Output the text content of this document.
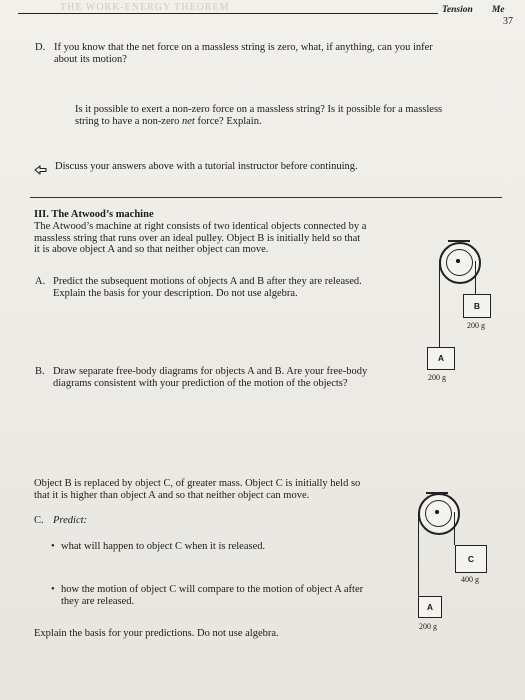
THE WORK-ENERGY THEOREM	Tension Me
37
D. If you know that the net force on a massless string is zero, what, if anything, can you infer
about its motion?
Is it possible to exert a non-zero force on a massless string? Is it possible for a massless
string to have a non-zero net force? Explain.
Discuss your answers above with a tutorial instructor before continuing.
III. The Atwood’s machine
The Atwood’s machine at right consists of two identical objects connected by a
massless string that runs over an ideal pulley. Object B is initially held so that
it is above object A and so that neither object can move.
A. Predict the subsequent motions of objects A and B after they are released.
Explain the basis for your description. Do not use algebra.
B. Draw separate free-body diagrams for objects A and B. Are your free-body
diagrams consistent with your prediction of the motion of the objects?
Object B is replaced by object C, of greater mass. Object C is initially held so
that it is higher than object A and so that neither object can move.
C. Predict:
• what will happen to object C when it is released.
• how the motion of object C will compare to the motion of object A after
they are released.
Explain the basis for your predictions. Do not use algebra.
B
200 g
A
200 g
C
400 g
A
200 g
